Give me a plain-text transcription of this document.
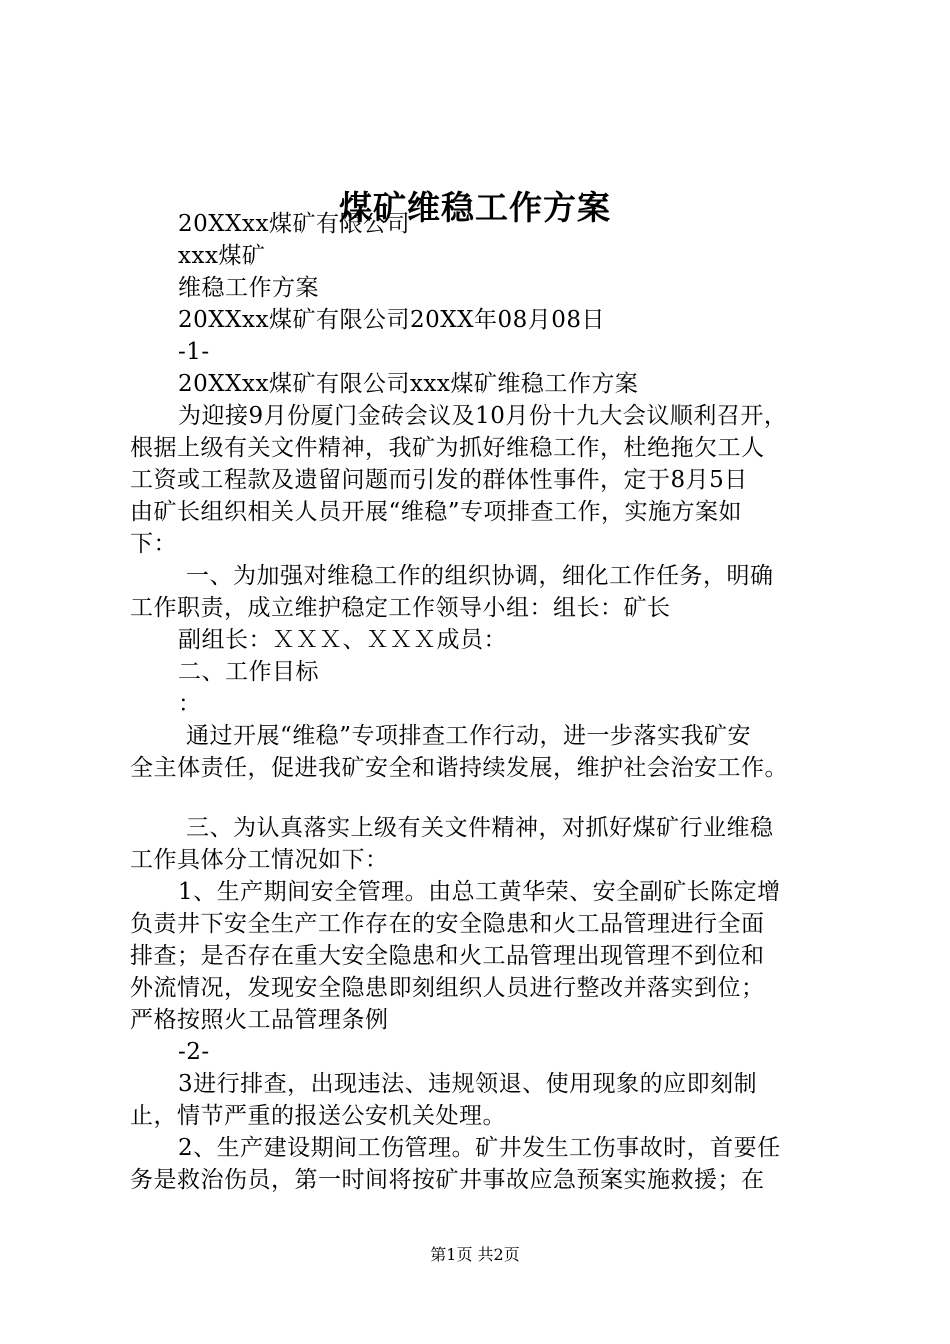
煤矿维稳工作方案
20XXxx煤矿有限公司
xxx煤矿
维稳工作方案
20XXxx煤矿有限公司20XX年08月08日
-1-
20XXxx煤矿有限公司xxx煤矿维稳工作方案
为迎接9月份厦门金砖会议及10月份十九大会议顺利召开，
根据上级有关文件精神，我矿为抓好维稳工作，杜绝拖欠工人
工资或工程款及遗留问题而引发的群体性事件，定于8月5日
由矿长组织相关人员开展“维稳”专项排查工作，实施方案如
下：
一、为加强对维稳工作的组织协调，细化工作任务，明确
工作职责，成立维护稳定工作领导小组：组长：矿长
副组长：ＸＸＸ、ＸＸＸ成员：
二、工作目标
：
通过开展“维稳”专项排查工作行动，进一步落实我矿安
全主体责任，促进我矿安全和谐持续发展，维护社会治安工作。
三、为认真落实上级有关文件精神，对抓好煤矿行业维稳
工作具体分工情况如下：
1、生产期间安全管理。由总工黄华荣、安全副矿长陈定增
负责井下安全生产工作存在的安全隐患和火工品管理进行全面
排查；是否存在重大安全隐患和火工品管理出现管理不到位和
外流情况，发现安全隐患即刻组织人员进行整改并落实到位；
严格按照火工品管理条例
-2-
3进行排查，出现违法、违规领退、使用现象的应即刻制
止，情节严重的报送公安机关处理。
2、生产建设期间工伤管理。矿井发生工伤事故时，首要任
务是救治伤员，第一时间将按矿井事故应急预案实施救援；在
第1页 共2页
